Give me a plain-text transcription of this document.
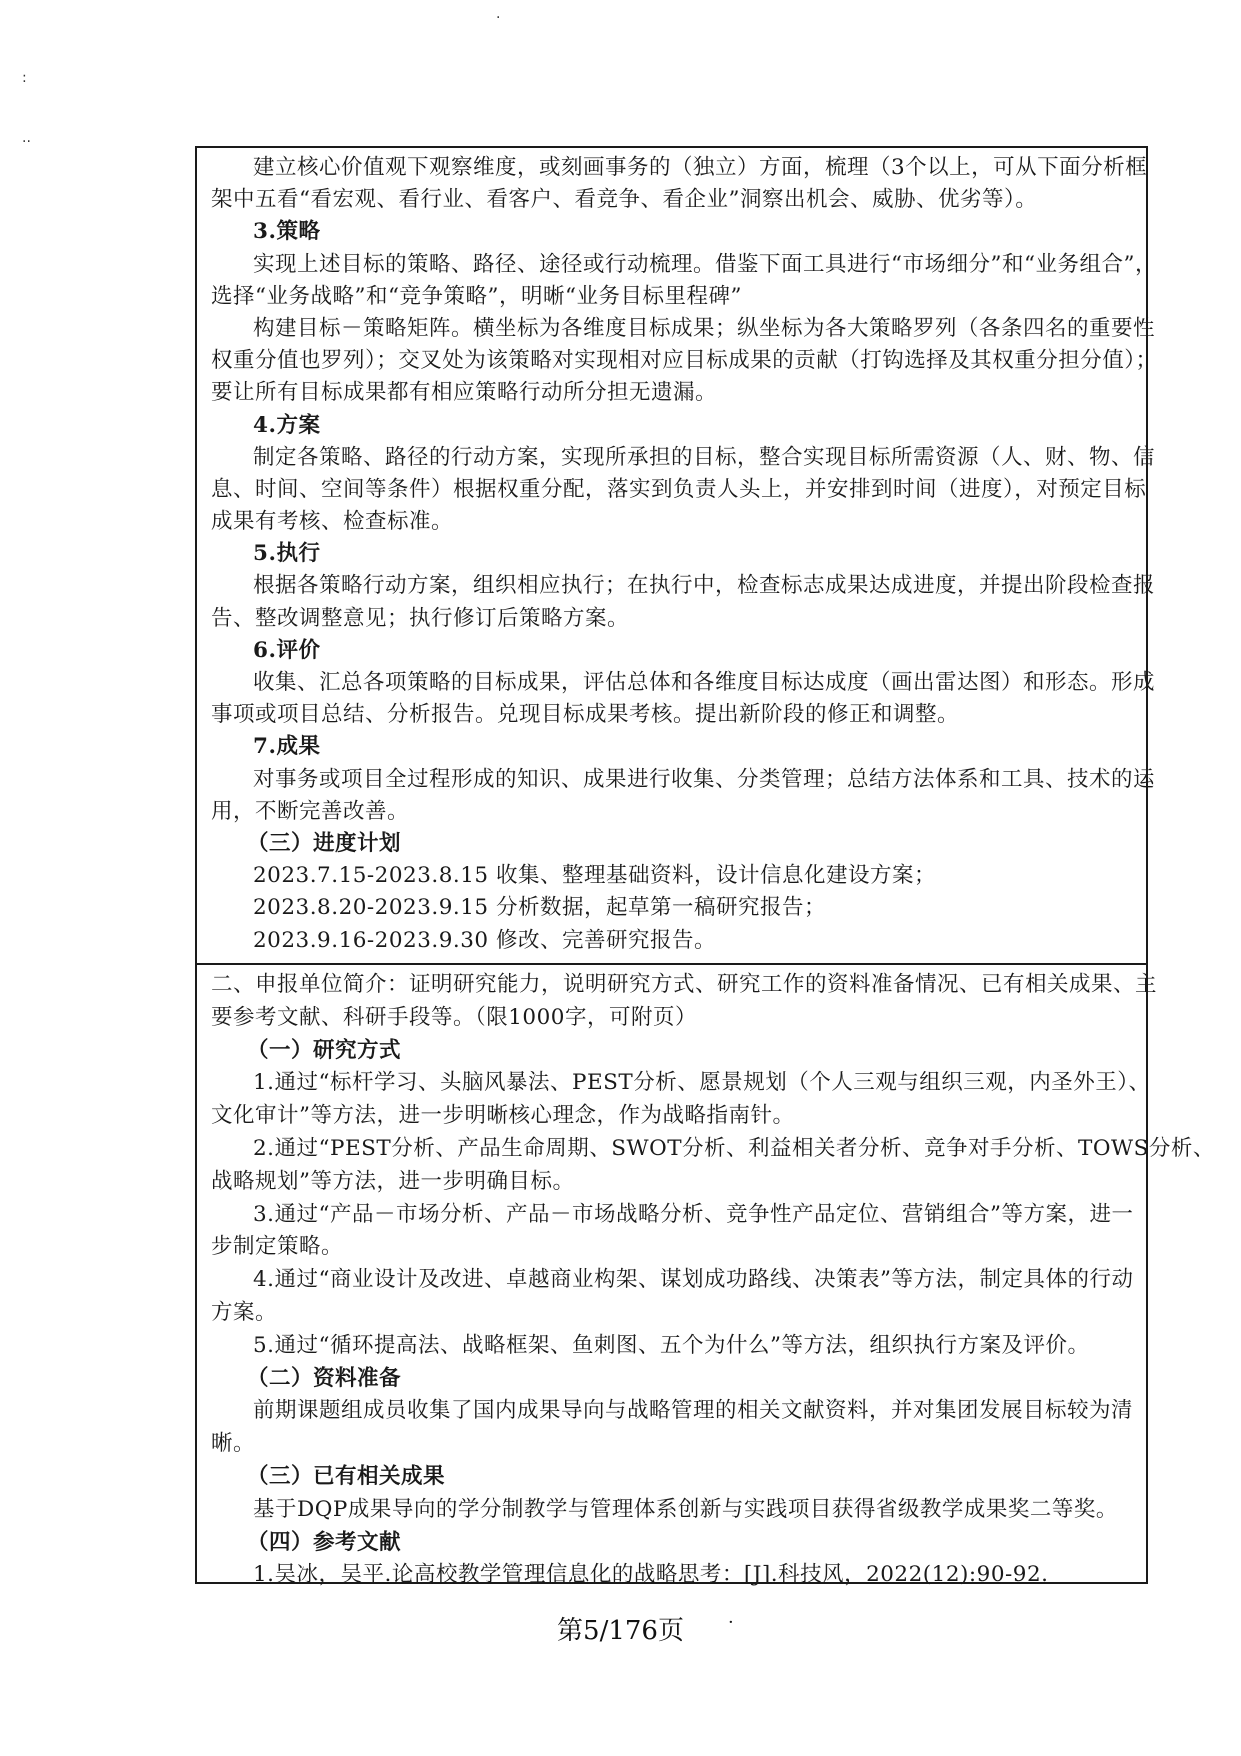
·
:
..
建立核心价值观下观察维度，或刻画事务的（独立）方面，梳理（3个以上，可从下面分析框
架中五看“看宏观、看行业、看客户、看竞争、看企业”洞察出机会、威胁、优劣等）。
3.策略
实现上述目标的策略、路径、途径或行动梳理。借鉴下面工具进行“市场细分”和“业务组合”，
选择“业务战略”和“竞争策略”，明晰“业务目标里程碑”
构建目标－策略矩阵。横坐标为各维度目标成果；纵坐标为各大策略罗列（各条四名的重要性
权重分值也罗列）；交叉处为该策略对实现相对应目标成果的贡献（打钩选择及其权重分担分值）；
要让所有目标成果都有相应策略行动所分担无遗漏。
4.方案
制定各策略、路径的行动方案，实现所承担的目标，整合实现目标所需资源（人、财、物、信
息、时间、空间等条件）根据权重分配，落实到负责人头上，并安排到时间（进度），对预定目标
成果有考核、检查标准。
5.执行
根据各策略行动方案，组织相应执行；在执行中，检查标志成果达成进度，并提出阶段检查报
告、整改调整意见；执行修订后策略方案。
6.评价
收集、汇总各项策略的目标成果，评估总体和各维度目标达成度（画出雷达图）和形态。形成
事项或项目总结、分析报告。兑现目标成果考核。提出新阶段的修正和调整。
7.成果
对事务或项目全过程形成的知识、成果进行收集、分类管理；总结方法体系和工具、技术的运
用，不断完善改善。
（三）进度计划
2023.7.15-2023.8.15 收集、整理基础资料，设计信息化建设方案；
2023.8.20-2023.9.15 分析数据，起草第一稿研究报告；
2023.9.16-2023.9.30 修改、完善研究报告。
二、申报单位简介：证明研究能力，说明研究方式、研究工作的资料准备情况、已有相关成果、主
要参考文献、科研手段等。（限1000字，可附页）
（一）研究方式
1.通过“标杆学习、头脑风暴法、PEST分析、愿景规划（个人三观与组织三观，内圣外王）、
文化审计”等方法，进一步明晰核心理念，作为战略指南针。
2.通过“PEST分析、产品生命周期、SWOT分析、利益相关者分析、竞争对手分析、TOWS分析、
战略规划”等方法，进一步明确目标。
3.通过“产品－市场分析、产品－市场战略分析、竞争性产品定位、营销组合”等方案，进一
步制定策略。
4.通过“商业设计及改进、卓越商业构架、谋划成功路线、决策表”等方法，制定具体的行动
方案。
5.通过“循环提高法、战略框架、鱼刺图、五个为什么”等方法，组织执行方案及评价。
（二）资料准备
前期课题组成员收集了国内成果导向与战略管理的相关文献资料，并对集团发展目标较为清
晰。
（三）已有相关成果
基于DQP成果导向的学分制教学与管理体系创新与实践项目获得省级教学成果奖二等奖。
（四）参考文献
1.吴冰，吴平.论高校教学管理信息化的战略思考：[J].科技风，2022(12):90-92.
第5/176页	·
